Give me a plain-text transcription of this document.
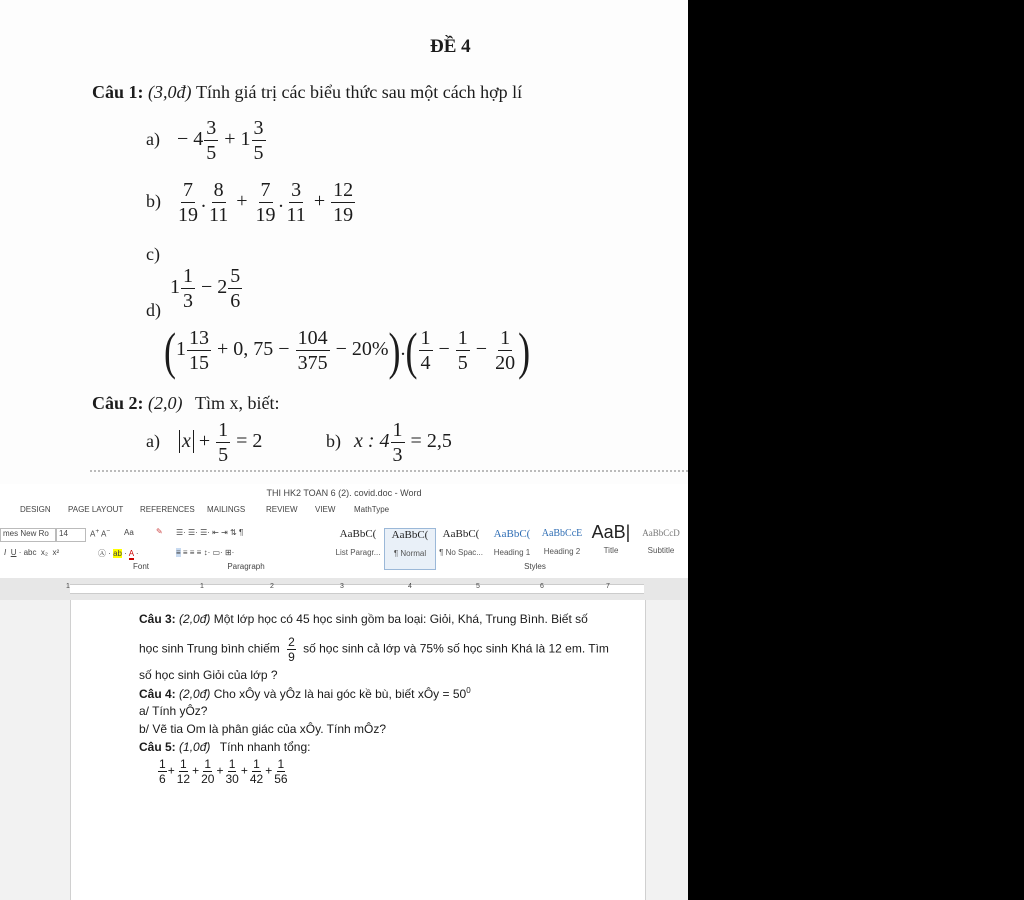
ĐỀ 4
Câu 1: (3,0đ) Tính giá trị các biểu thức sau một cách hợp lí
$a) - 4 \frac{3}{5} + 1 \frac{3}{5}$
$b) \frac{7}{19}$ . $\frac{8}{11} + \frac{7}{19}$ . $\frac{3}{11} + \frac{12}{19}$
c)
$1 \frac{1}{3} - 2 \frac{5}{6}$
d)
($1 \frac{13}{15} + 0$, $75 - \frac{104}{375} - 20\%).( \frac{1}{4} - \frac{1}{5} - \frac{1}{20}$ )
Câu 2: (2,0) Tìm x, biết:
a) $x + \frac{1}{5} = 2$	b) x : $4 \frac{1}{3} = 2,5$
THI HK2 TOAN 6 (2). covid.doc - Word
DESIGN PAGE LAYOUT REFERENCES MAILINGS	REVIEW VIEW MathType
mes New Ro	14	A+ A− Aa	✎
I U · abc  x₂  x²	Ⓐ · ab · A ·
Font
☰· ☰· ☰· ⇤ ⇥ ⇅ ¶
≡ ≡ ≡ ≡ ↕· ▭· ⊞·
Paragraph
AaBbC(
List Paragr...
AaBbC(
¶ Normal
AaBbC(
¶ No Spac...
AaBbC(
Heading 1
AaBbCcE
Heading 2
AaB|
Title
AaBbCcD
Subtitle
Styles
1	1	2	3	4	5	6	7
Câu 3: (2,0đ) Một lớp học có 45 học sinh gồm ba loại: Giỏi, Khá, Trung Bình. Biết số
học sinh Trung bình chiếm $\frac{2}{9}$ số học sinh cả lớp và 75% số học sinh Khá là 12 em. Tìm
số học sinh Giỏi của lớp ?
Câu 4: (2,0đ) Cho xÔy và yÔz là hai góc kề bù, biết xÔy = $50^0$
a/ Tính yÔz?
b/ Vẽ tia Om là phân giác của xÔy. Tính mÔz?
Câu 5: (1,0đ) Tính nhanh tổng:
$\frac{1}{6} + \frac{1}{12} + \frac{1}{20} + \frac{1}{30} + \frac{1}{42} + \frac{1}{56}$
